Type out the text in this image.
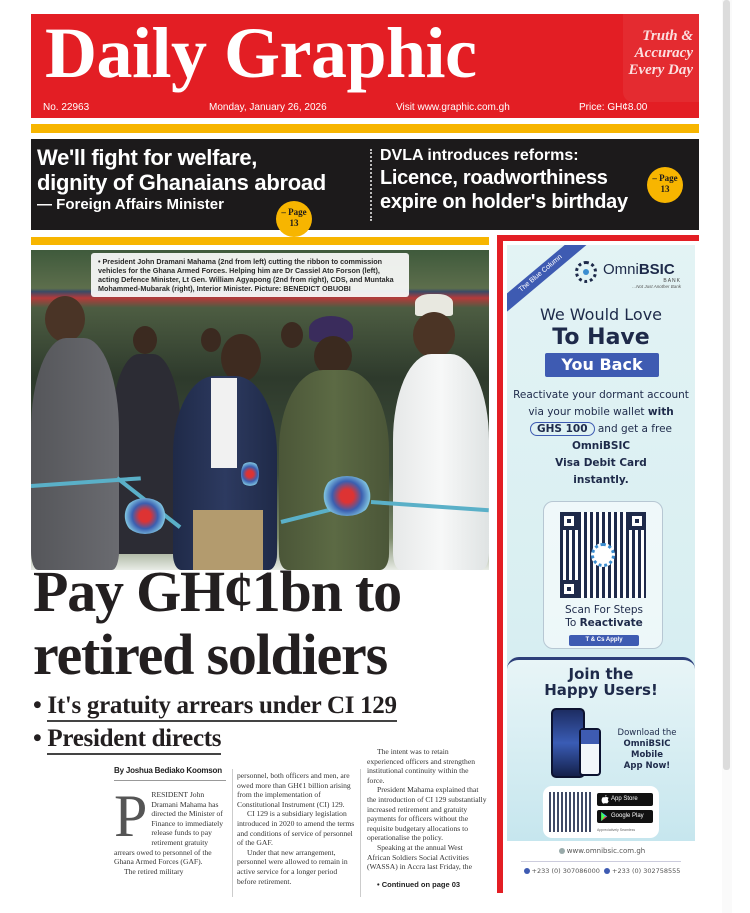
Daily Graphic	Truth &
Accuracy
Every Day
No. 22963	Monday, January 26, 2026	Visit www.graphic.com.gh	Price: GH¢8.00
We'll fight for welfare,
dignity of Ghanaians abroad
— Foreign Affairs Minister	– Page
13
DVLA introduces reforms:
Licence, roadworthiness
expire on holder's birthday
– Page
13
• President John Dramani Mahama (2nd from left) cutting the ribbon to commission vehicles for the Ghana Armed Forces. Helping him are Dr Cassiel Ato Forson (left), acting Defence Minister, Lt Gen. William Agyapong (2nd from right), CDS, and Muntaka Mohammed-Mubarak (right), Interior Minister. Picture: BENEDICT OBUOBI
Pay GH¢1bn to
retired soldiers
• It's gratuity arrears under CI 129
• President directs
By Joshua Bediako Koomson
P RESIDENT John Dramani Mahama has directed the Minister of Finance to immediately release funds to pay retirement gratuity arrears owed to personnel of the Ghana Armed Forces (GAF).

The retired military

personnel, both officers and men, are owed more than GH¢1 billion arising from the implementation of Constitutional Instrument (CI) 129.

CI 129 is a subsidiary legislation introduced in 2020 to amend the terms and conditions of service of personnel of the GAF.

Under that new arrangement, personnel were allowed to remain in active service for a longer period before retirement.

The intent was to retain experienced officers and strengthen institutional continuity within the force.

President Mahama explained that the introduction of CI 129 substantially increased retirement and gratuity payments for officers without the requisite budgetary allocations to operationalise the policy.

Speaking at the annual West African Soldiers Social Activities (WASSA) in Accra last Friday, the

• Continued on page 03
The Blue Column	OmniBSIC
BANK
...Not Just Another Bank
We Would Love
To Have
You Back
Reactivate your dormant account via your mobile wallet with GHS 100 and get a free OmniBSIC
Visa Debit Card
instantly.
Scan For Steps
To Reactivate
T & Cs Apply
Join the
Happy Users!
Download the
OmniBSIC
Mobile
App Now!
App Store
Google Play
Appreciatively Seamless
www.omnibsic.com.gh
+233 (0) 307086000 +233 (0) 302758555
